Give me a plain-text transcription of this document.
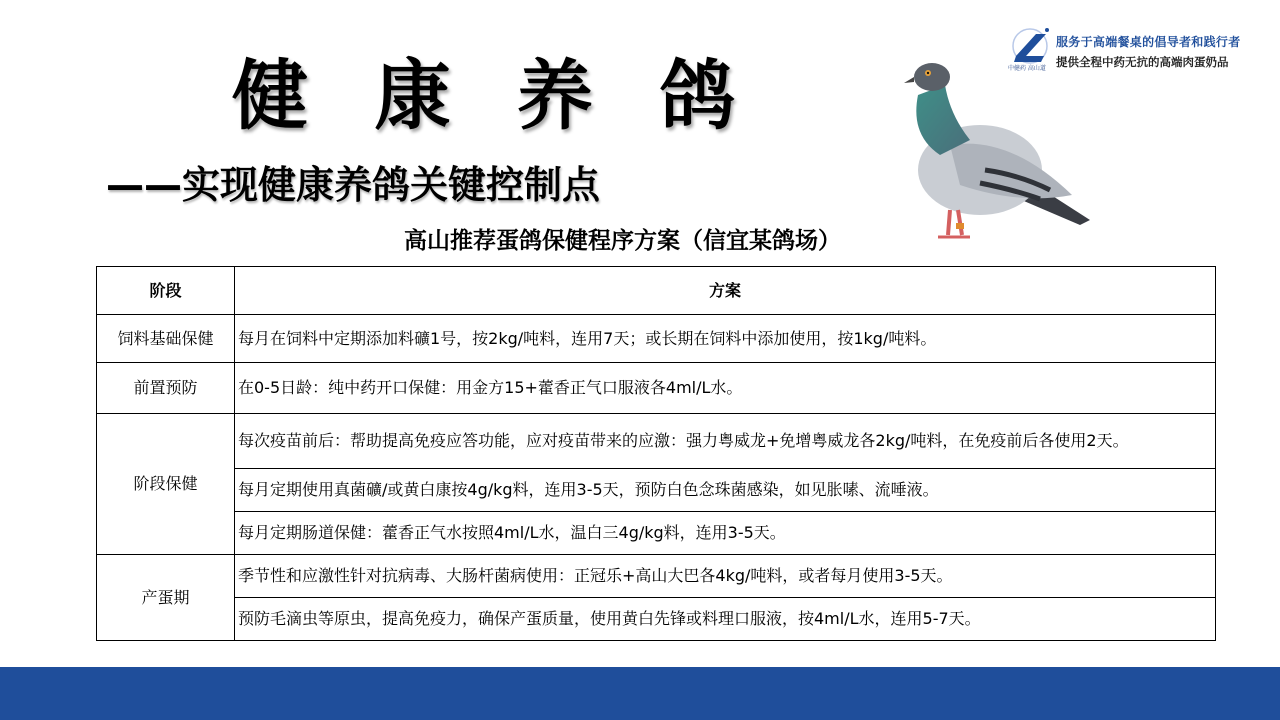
健 康 养 鸽
——实现健康养鸽关键控制点
中健药 高山道
服务于高端餐桌的倡导者和践行者
提供全程中药无抗的高端肉蛋奶品
高山推荐蛋鸽保健程序方案（信宜某鸽场）
阶段	方案
饲料基础保健	每月在饲料中定期添加料礦1号，按2kg/吨料，连用7天；或长期在饲料中添加使用，按1kg/吨料。
前置预防	在0-5日龄：纯中药开口保健：用金方15+藿香正气口服液各4ml/L水。
阶段保健	每次疫苗前后：帮助提高免疫应答功能，应对疫苗带来的应激：强力粤威龙+免增粤威龙各2kg/吨料，在免疫前后各使用2天。
	每月定期使用真菌礦/或黄白康按4g/kg料，连用3-5天，预防白色念珠菌感染，如见胀嗉、流唾液。
	每月定期肠道保健：藿香正气水按照4ml/L水，温白三4g/kg料，连用3-5天。
产蛋期	季节性和应激性针对抗病毒、大肠杆菌病使用：正冠乐+高山大巴各4kg/吨料，或者每月使用3-5天。
	预防毛滴虫等原虫，提高免疫力，确保产蛋质量，使用黄白先锋或料理口服液，按4ml/L水，连用5-7天。
